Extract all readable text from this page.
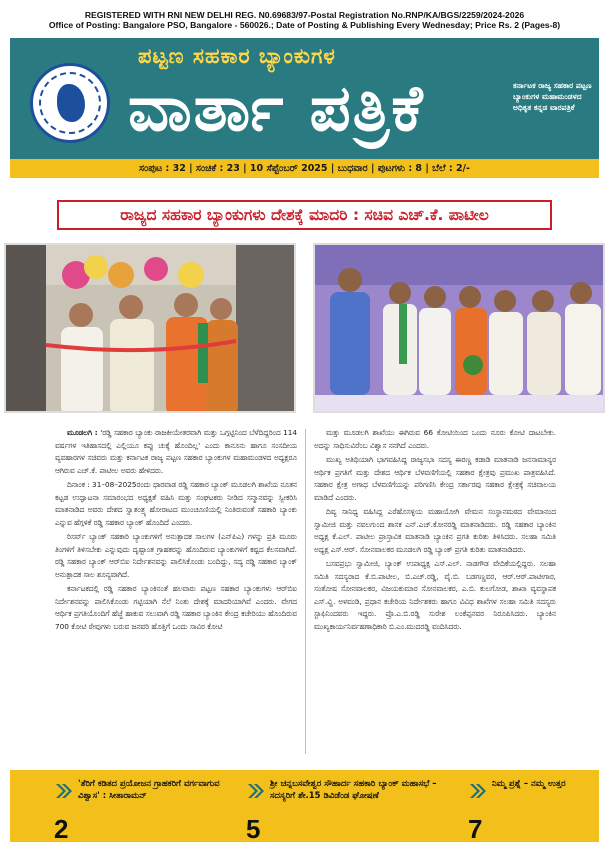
REGISTERED WITH RNI NEW DELHI REG. N0.69683/97-Postal Registration No.RNP/KA/BGS/2259/2024-2026
Office of Posting: Bangalore PSO, Bangalore - 560026.; Date of Posting & Publishing Every Wednesday; Price Rs. 2 (Pages-8)
ಪಟ್ಟಣ ಸಹಕಾರ ಬ್ಯಾಂಕುಗಳ
ವಾರ್ತಾ ಪತ್ರಿಕೆ	ಕರ್ನಾಟಕ ರಾಜ್ಯ ಸಹಕಾರ ಪಟ್ಟಣ ಬ್ಯಾಂಕುಗಳ ಮಹಾಮಂಡಳದ ಅಧಿಕೃತ ಕನ್ನಡ ವಾರಪತ್ರಿಕೆ
ಸಂಪುಟ : 32 | ಸಂಚಿಕೆ : 23 | 10 ಸೆಪ್ಟೆಂಬರ್ 2025 | ಬುಧವಾರ | ಪುಟಗಳು : 8 | ಬೆಲೆ : 2/-
ರಾಜ್ಯದ ಸಹಕಾರ ಬ್ಯಾಂಕುಗಳು ದೇಶಕ್ಕೆ ಮಾದರಿ : ಸಚಿವ ಎಚ್.ಕೆ. ಪಾಟೀಲ

ಮೂಡಲಗಿ : 'ರಡ್ಡಿ ಸಹಕಾರ ಬ್ಯಾಂಕು ರಾಜಕೀಯೇತರವಾಗಿ ಮತ್ತು ಒಗ್ಗಟ್ಟಿನಿಂದ ಬೆಳೆದಿದ್ದರಿಂದ 114 ವರ್ಷಗಳ ಇತಿಹಾಸದಲ್ಲಿ ಎಲ್ಲಿಯೂ ಕಪ್ಪು ಚುಕ್ಕೆ ಹೊಂದಿಲ್ಲ' ಎಂದು ಕಾನೂನು ಹಾಗೂ ಸಂಸದೀಯ ವ್ಯವಹಾರಗಳ ಸಚಿವರು ಮತ್ತು ಕರ್ನಾಟಕ ರಾಜ್ಯ ಪಟ್ಟಣ ಸಹಕಾರ ಬ್ಯಾಂಕುಗಳ ಮಹಾಮಂಡಳದ ಅಧ್ಯಕ್ಷರೂ ಆಗಿರುವ ಎಚ್.ಕೆ. ಪಾಟೀಲ ಅವರು ಹೇಳಿದರು.

ದಿನಾಂಕ : 31–08–2025ರಂದು ಧಾರವಾಡ ರಡ್ಡಿ ಸಹಕಾರ ಬ್ಯಾಂಕ್ ಮೂಡಲಗಿ ಶಾಖೆಯ ನೂತನ ಕಟ್ಟಡ ಉದ್ಘಾಟನಾ ಸಮಾರಂಭದ ಅಧ್ಯಕ್ಷತೆ ವಹಿಸಿ ಮತ್ತು ಸಂಘಟಕರು ನೀಡಿದ ಸನ್ಮಾನವನ್ನು ಸ್ವೀಕರಿಸಿ ಮಾತನಾಡಿದ ಅವರು ದೇಶದ ಸ್ವಾತಂತ್ರ್ಯ ಹೋರಾಟದ ಮುಂಚೂಣಿಯಲ್ಲಿ ನಿಂತಿರುವಂತೆ ಸಹಕಾರಿ ಬ್ಯಾಂಕು ಎನ್ನುವ ಹೆಗ್ಗಳಿಕೆ ರಡ್ಡಿ ಸಹಕಾರ ಬ್ಯಾಂಕ್ ಹೊಂದಿದೆ ಎಂದರು.

ರಿಸರ್ವ್ ಬ್ಯಾಂಕ್ ಸಹಕಾರಿ ಬ್ಯಾಂಕುಗಳಿಗೆ ಅನುತ್ಪಾದಕ ಸಾಲಗಳ (ಎನ್‌ಪಿಎ) ಗಳನ್ನು ಪ್ರತಿ ಮೂರು ತಿಂಗಳಿಗೆ ತಿಳಿಸಬೇಕು ಎನ್ನುವುದು ದೃಷ್ಟಾಂತ ಗ್ರಾಹಕರನ್ನು ಹೊಂದಿರುವ ಬ್ಯಾಂಕುಗಳಿಗೆ ಕಷ್ಟದ ಕೆಲಸವಾಗಿದೆ. ರಡ್ಡಿ ಸಹಕಾರ ಬ್ಯಾಂಕ್ ಆರ್‌ಬಿಐ ನಿರ್ದೇಶನವನ್ನು ಪಾಲಿಸಿಕೊಂಡು ಬಂದಿದ್ದು, ಸದ್ಯ ರಡ್ಡಿ ಸಹಕಾರ ಬ್ಯಾಂಕ್ ಅನುತ್ಪಾದಕ ಸಾಲ ಶೂನ್ಯವಾಗಿದೆ.

ಕರ್ನಾಟಕದಲ್ಲಿ ರಡ್ಡಿ ಸಹಕಾರ ಬ್ಯಾಂಕಿನಂತೆ ಹಲವಾರು ಪಟ್ಟಣ ಸಹಕಾರ ಬ್ಯಾಂಕುಗಳು ಆರ್‌ಬಿಐ ನಿರ್ದೇಶನವನ್ನು ಪಾಲಿಸಿಕೊಂಡು ಗಟ್ಟಿಯಾಗಿ ನೆಲೆ ನಿಂತು ದೇಶಕ್ಕೆ ಮಾದರಿಯಾಗಿವೆ ಎಂದರು. ವೇಗದ ಆರ್ಥಿಕ ಪ್ರಗತಿಯೊಂದಿಗೆ ಹೆಜ್ಜೆ ಹಾಕುವ ಸಲುವಾಗಿ ರಡ್ಡಿ ಸಹಕಾರ ಬ್ಯಾಂಕಿನ ಕೇಂದ್ರ ಕಚೇರಿಯು ಹೊಂದಿರುವ 700 ಕೋಟಿ ಠೇವುಗಳು ಬರುವ ಜನವರಿ ಹೊತ್ತಿಗೆ ಒಂದು ಸಾವಿರ ಕೋಟಿ

ಮತ್ತು ಮೂಡಲಗಿ ಶಾಖೆಯು ಈಗಿರುವ 66 ಕೋಟಿಯಿಂದ ಒಂದು ನೂರು ಕೋಟಿ ದಾಟಬೇಕು. ಅದನ್ನು ಸಾಧಿಸುವಿರೆಂಬ ವಿಶ್ವಾಸ ನನಗಿದೆ ಎಂದರು.

ಮುಖ್ಯ ಅತಿಥಿಯಾಗಿ ಭಾಗವಹಿಸಿದ್ದ ರಾಜ್ಯಸಭಾ ಸದಸ್ಯ ಈರಣ್ಣ ಕಡಾಡಿ ಮಾತನಾಡಿ ಜನಸಾಮಾನ್ಯರ ಆರ್ಥಿಕ ಪ್ರಗತಿಗೆ ಮತ್ತು ದೇಶದ ಆರ್ಥಿಕ ಬೆಳವಣಿಗೆಯಲ್ಲಿ ಸಹಕಾರ ಕ್ಷೇತ್ರವು ಪ್ರಮುಖ ಪಾತ್ರವಹಿಸಿದೆ. ಸಹಕಾರ ಕ್ಷೇತ್ರ ಅಗಾಧ ಬೆಳವಣಿಗೆಯನ್ನು ಪರಿಗಣಿಸಿ ಕೇಂದ್ರ ಸರ್ಕಾರವು ಸಹಕಾರ ಕ್ಷೇತ್ರಕ್ಕೆ ಸಚಿವಾಲಯ ಮಾಡಿದೆ ಎಂದರು.

ದಿವ್ಯ ಸಾನಿಧ್ಯ ವಹಿಸಿದ್ದ ಎರೆಹೊಸಳ್ಳಿಯ ಮಹಾಯೋಗಿ ವೇಮನ ಸಂಸ್ಥಾನಮಠದ ವೇಮಾನಂದ ಸ್ವಾಮೀಜಿ ಮತ್ತು ನವಲಗುಂದ ಶಾಸಕ ಎನ್.ಎಚ್.ಕೋನರಡ್ಡಿ ಮಾತನಾಡಿದರು. ರಡ್ಡಿ ಸಹಕಾರ ಬ್ಯಾಂಕಿನ ಅಧ್ಯಕ್ಷ ಕೆ.ಎಲ್. ಪಾಟೀಲ ಪ್ರಾಸ್ತಾವಿಕ ಮಾತನಾಡಿ ಬ್ಯಾಂಕಿನ ಪ್ರಗತಿ ಕುರಿತು ತಿಳಿಸಿದರು. ಸಲಹಾ ಸಮಿತಿ ಅಧ್ಯಕ್ಷ ಎಸ್.ಆರ್. ಸೋನವಾಲಕರ ಮೂಡಲಗಿ ರಡ್ಡಿ ಬ್ಯಾಂಕ್ ಪ್ರಗತಿ ಕುರಿತು ಮಾತನಾಡಿದರು.

ಬಸವಪ್ರಭು ಸ್ವಾಮೀಜಿ, ಬ್ಯಾಂಕ್ ಉಪಾಧ್ಯಕ್ಷ ಎಸ್.ಎಲ್. ನಾಡಗೌಡ ವೇದಿಕೆಯಲ್ಲಿದ್ದರು. ಸಲಹಾ ಸಮಿತಿ ಸದಸ್ಯರಾದ ಕೆ.ಬಿ.ಪಾಟೀಲ, ಬಿ.ಎಚ್.ರಡ್ಡಿ, ವೈ.ಬಿ. ಬಡಗಣ್ಣವರ, ಆರ್.ಆರ್.ಪಾಟೀಗಾರ, ಸಂತೋಷ ಸೋನವಾಲಕರ, ವಿಜಯಕುಮಾರ ಸೋನವಾಲಕರ, ಎ.ಬಿ. ಕುಲಗೋಡ, ಶಾಖಾ ವ್ಯವಸ್ಥಾಪಕ ಎಸ್.ವ್ಹಿ. ಅಳವಂಡಿ, ಪ್ರಧಾನ ಕಚೇರಿಯ ನಿರ್ದೇಶಕರು ಹಾಗೂ ವಿವಿಧ ಶಾಖೆಗಳ ಸಲಹಾ ಸಮಿತಿ ಸದಸ್ಯರು ಸ್ಟಾಫಿನಿಂದವರು ಇದ್ದರು. ಪ್ರೊ.ಎ.ಬಿ.ರಡ್ಡಿ ಸುರೇಶ ಲಂಕೆಪ್ಪನವರ ನಿರೂಪಿಸಿದರು. ಬ್ಯಾಂಕಿನ ಮುಖ್ಯಕಾರ್ಯನಿರ್ವಹಣಾಧಿಕಾರಿ ಬಿ.ಎಂ.ಮುದರಡ್ಡಿ ವಂದಿಸಿದರು.

'ತೆರಿಗೆ ಕಡಿತದ ಪ್ರಯೋಜನ ಗ್ರಾಹಕರಿಗೆ ವರ್ಗವಾಗುವ ವಿಶ್ವಾಸ' : ಸೀತಾರಾಮನ್
2
ಶ್ರೀ ಚನ್ನಬಸವೇಶ್ವರ ಸೌಹಾರ್ದ ಸಹಕಾರಿ ಬ್ಯಾಂಕ್ ಮಹಾಸಭೆ – ಸದಸ್ಯರಿಗೆ ಶೇ.15 ಡಿವಿಡೆಂಡ ಘೋಷಣೆ
5
ನಿಮ್ಮ ಪ್ರಶ್ನೆ – ನಮ್ಮ ಉತ್ತರ
7
